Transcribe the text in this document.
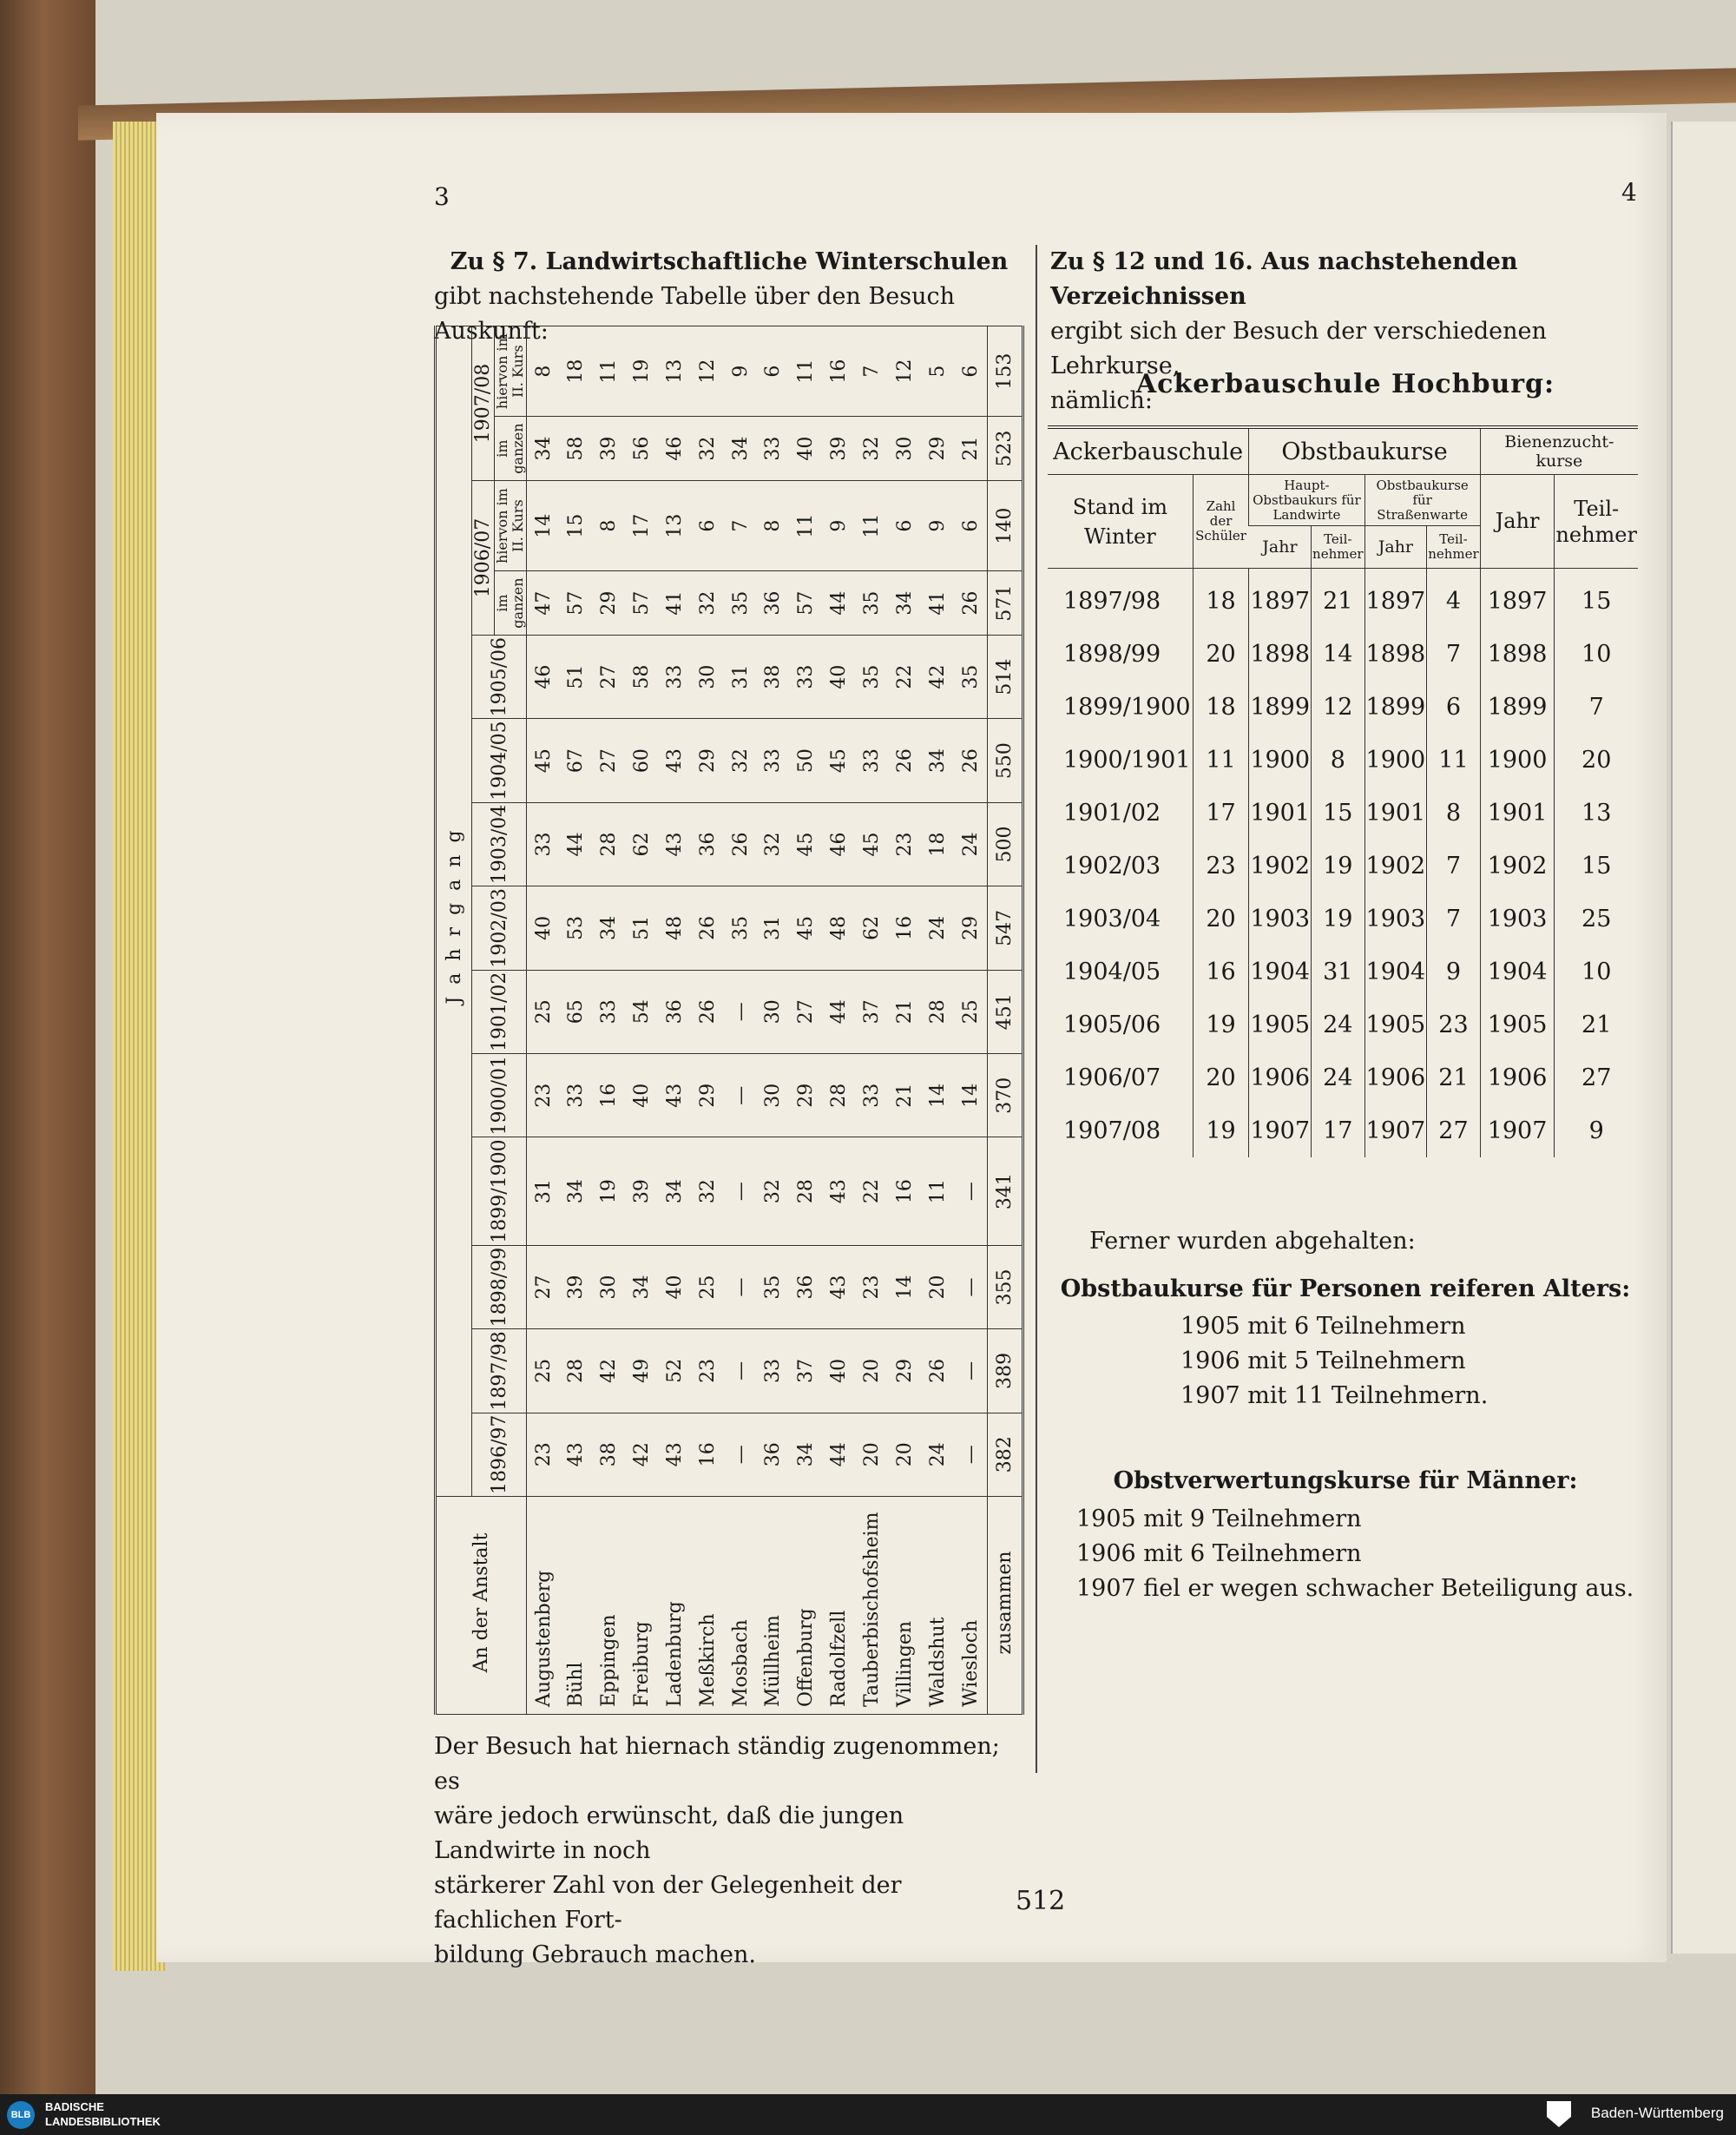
3	4
Zu § 7. Landwirtschaftliche Winterschulen
gibt nachstehende Tabelle über den Besuch Auskunft:
An der Anstalt	Jahrgang													
	1896/97	1897/98	1898/99	1899/1900	1900/01	1901/02	1902/03	1903/04	1904/05	1905/06	1906/07		1907/08	
											im ganzen	hiervon im II. Kurs	im ganzen	hiervon im II. Kurs
Augustenberg	23	25	27	31	23	25	40	33	45	46	47	14	34	8
Bühl	43	28	39	34	33	65	53	44	67	51	57	15	58	18
Eppingen	38	42	30	19	16	33	34	28	27	27	29	8	39	11
Freiburg	42	49	34	39	40	54	51	62	60	58	57	17	56	19
Ladenburg	43	52	40	34	43	36	48	43	43	33	41	13	46	13
Meßkirch	16	23	25	32	29	26	26	36	29	30	32	6	32	12
Mosbach	—	—	—	—	—	—	35	26	32	31	35	7	34	9
Müllheim	36	33	35	32	30	30	31	32	33	38	36	8	33	6
Offenburg	34	37	36	28	29	27	45	45	50	33	57	11	40	11
Radolfzell	44	40	43	43	28	44	48	46	45	40	44	9	39	16
Tauberbischofsheim	20	20	23	22	33	37	62	45	33	35	35	11	32	7
Villingen	20	29	14	16	21	21	16	23	26	22	34	6	30	12
Waldshut	24	26	20	11	14	28	24	18	34	42	41	9	29	5
Wiesloch	—	—	—	—	14	25	29	24	26	35	26	6	21	6
zusammen	382	389	355	341	370	451	547	500	550	514	571	140	523	153
Der Besuch hat hiernach ständig zugenommen; es
wäre jedoch erwünscht, daß die jungen Landwirte in noch
stärkerer Zahl von der Gelegenheit der fachlichen Fort-
bildung Gebrauch machen.
Zu § 12 und 16. Aus nachstehenden Verzeichnissen
ergibt sich der Besuch der verschiedenen Lehrkurse,
nämlich:
Ackerbauschule Hochburg:
Ackerbauschule		Obstbaukurse				Bienenzucht-kurse	
Stand im Winter	Zahl der Schüler	Haupt-Obstbaukurs für Landwirte		Obstbaukurse für Straßenwarte		Jahr	Teil-nehmer
		Jahr	Teil-nehmer	Jahr	Teil-nehmer		
1897/98	18	1897	21	1897	4	1897	15
1898/99	20	1898	14	1898	7	1898	10
1899/1900	18	1899	12	1899	6	1899	7
1900/1901	11	1900	8	1900	11	1900	20
1901/02	17	1901	15	1901	8	1901	13
1902/03	23	1902	19	1902	7	1902	15
1903/04	20	1903	19	1903	7	1903	25
1904/05	16	1904	31	1904	9	1904	10
1905/06	19	1905	24	1905	23	1905	21
1906/07	20	1906	24	1906	21	1906	27
1907/08	19	1907	17	1907	27	1907	9
Ferner wurden abgehalten:
Obstbaukurse für Personen reiferen Alters:
1905 mit 6 Teilnehmern
1906 mit 5 Teilnehmern
1907 mit 11 Teilnehmern.
Obstverwertungskurse für Männer:
1905 mit 9 Teilnehmern
1906 mit 6 Teilnehmern
1907 fiel er wegen schwacher Beteiligung aus.
512
BLB
BADISCHE
LANDESBIBLIOTHEK
Baden-Württemberg
